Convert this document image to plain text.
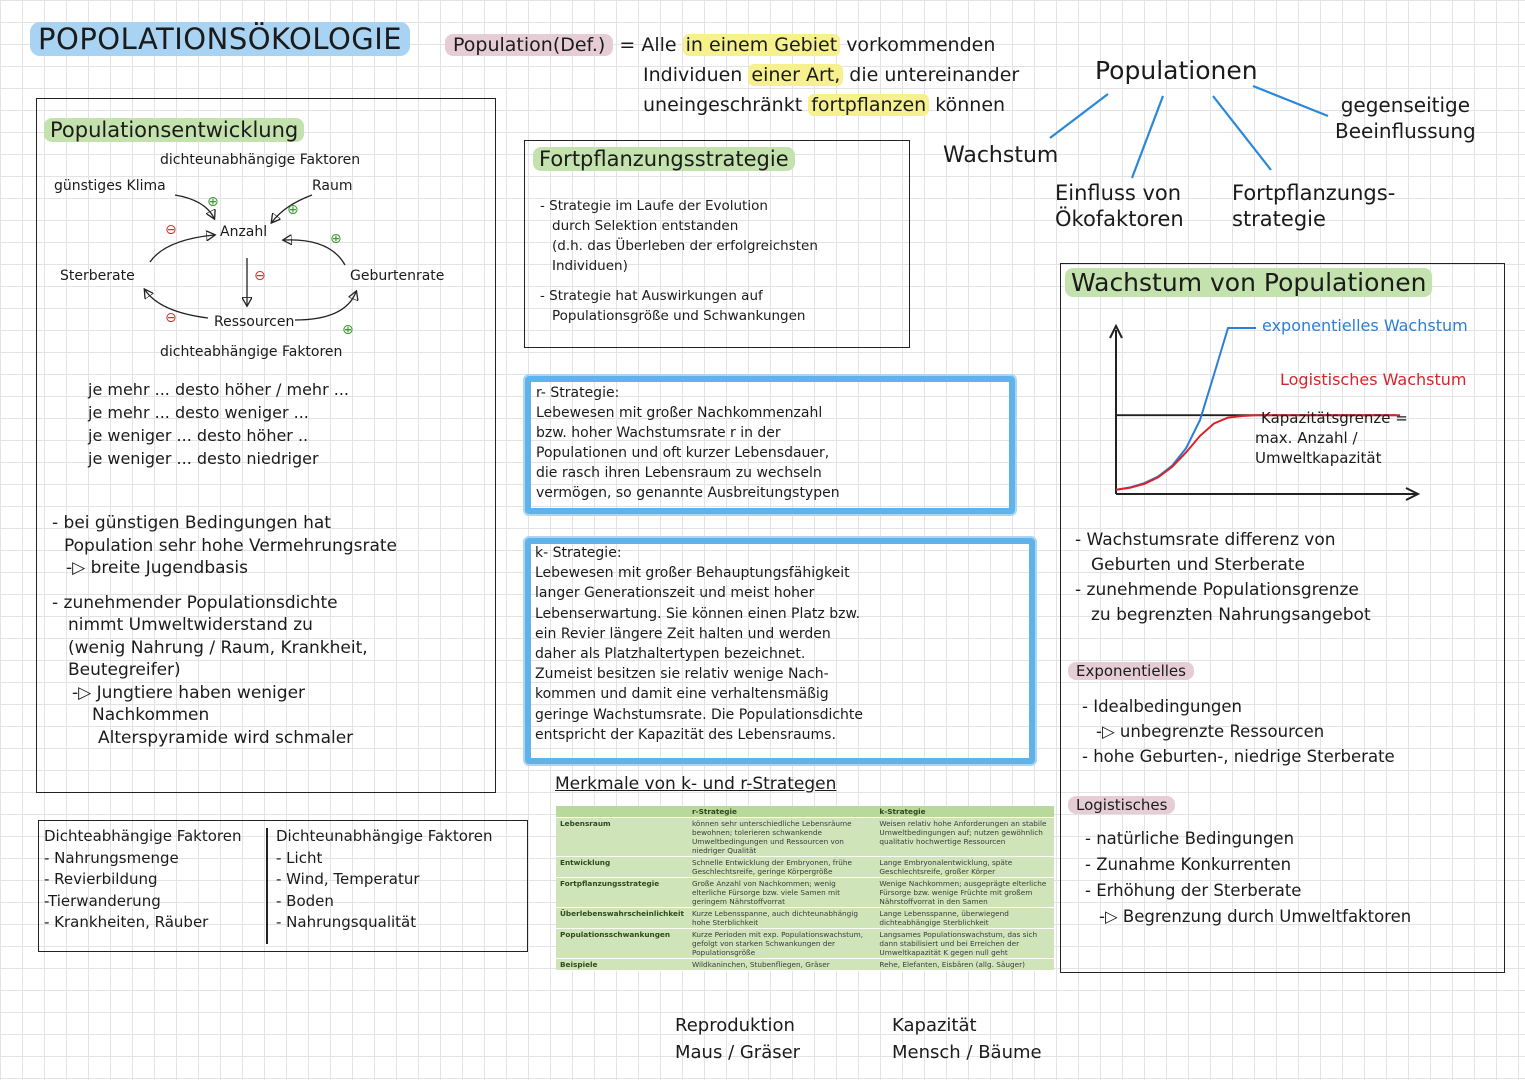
POPOLATIONSÖKOLOGIE	Population(Def.) = Alle in einem Gebiet vorkommenden
Individuen einer Art, die untereinander
uneingeschränkt fortpflanzen können
Populationen
Wachstum
Einfluss von
Ökofaktoren
Fortpflanzungs-
strategie
gegenseitige
Beeinflussung
Populationsentwicklung
dichteunabhängige Faktoren
günstiges Klima	Raum
Anzahl
Sterberate	Geburtenrate
Ressourcen
dichteabhängige Faktoren
⊕	⊕
⊖
⊕
⊖
⊖
⊕
je mehr ... desto höher / mehr ...
je mehr ... desto weniger ...
je weniger ... desto höher ..
je weniger ... desto niedriger
- bei günstigen Bedingungen hat
Population sehr hohe Vermehrungsrate
-▷ breite Jugendbasis
- zunehmender Populationsdichte
nimmt Umweltwiderstand zu
(wenig Nahrung / Raum, Krankheit,
Beutegreifer)
-▷ Jungtiere haben weniger
Nachkommen
Alterspyramide wird schmaler
Dichteabhängige Faktoren
- Nahrungsmenge
- Revierbildung
-Tierwanderung
- Krankheiten, Räuber
Dichteunabhängige Faktoren
- Licht
- Wind, Temperatur
- Boden
- Nahrungsqualität
Fortpflanzungsstrategie
- Strategie im Laufe der Evolution
durch Selektion entstanden
(d.h. das Überleben der erfolgreichsten
Individuen)
- Strategie hat Auswirkungen auf
Populationsgröße und Schwankungen
r- Strategie:
Lebewesen mit großer Nachkommenzahl
bzw. hoher Wachstumsrate r in der
Populationen und oft kurzer Lebensdauer,
die rasch ihren Lebensraum zu wechseln
vermögen, so genannte Ausbreitungstypen
k- Strategie:
Lebewesen mit großer Behauptungsfähigkeit
langer Generationszeit und meist hoher
Lebenserwartung. Sie können einen Platz bzw.
ein Revier längere Zeit halten und werden
daher als Platzhaltertypen bezeichnet.
Zumeist besitzen sie relativ wenige Nach-
kommen und damit eine verhaltensmäßig
geringe Wachstumsrate. Die Populationsdichte
entspricht der Kapazität des Lebensraums.
Merkmale von k- und r-Strategen
	r-Strategie	k-Strategie
Lebensraum	können sehr unterschiedliche Lebensräume bewohnen; tolerieren schwankende Umweltbedingungen und Ressourcen von niedriger Qualität	Weisen relativ hohe Anforderungen an stabile Umweltbedingungen auf; nutzen gewöhnlich qualitativ hochwertige Ressourcen
Entwicklung	Schnelle Entwicklung der Embryonen, frühe Geschlechtsreife, geringe Körpergröße	Lange Embryonalentwicklung, späte Geschlechtsreife, großer Körper
Fortpflanzungsstrategie	Große Anzahl von Nachkommen; wenig elterliche Fürsorge bzw. viele Samen mit geringem Nährstoffvorrat	Wenige Nachkommen; ausgeprägte elterliche Fürsorge bzw. wenige Früchte mit großem Nährstoffvorrat in den Samen
Überlebenswahrscheinlichkeit	Kurze Lebensspanne, auch dichteunabhängig hohe Sterblichkeit	Lange Lebensspanne, überwiegend dichteabhängige Sterblichkeit
Populationsschwankungen	Kurze Perioden mit exp. Populationswachstum, gefolgt von starken Schwankungen der Populationsgröße	Langsames Populationswachstum, das sich dann stabilisiert und bei Erreichen der Umweltkapazität K gegen null geht
Beispiele	Wildkaninchen, Stubenfliegen, Gräser	Rehe, Elefanten, Eisbären (allg. Säuger)
Reproduktion
Maus / Gräser
Kapazität
Mensch / Bäume
Wachstum von Populationen
exponentielles Wachstum
Logistisches Wachstum
Kapazitätsgrenze =
max. Anzahl /
Umweltkapazität
- Wachstumsrate differenz von
Geburten und Sterberate
- zunehmende Populationsgrenze
zu begrenzten Nahrungsangebot
Exponentielles
- Idealbedingungen
-▷ unbegrenzte Ressourcen
- hohe Geburten-, niedrige Sterberate
Logistisches
- natürliche Bedingungen
- Zunahme Konkurrenten
- Erhöhung der Sterberate
-▷ Begrenzung durch Umweltfaktoren
